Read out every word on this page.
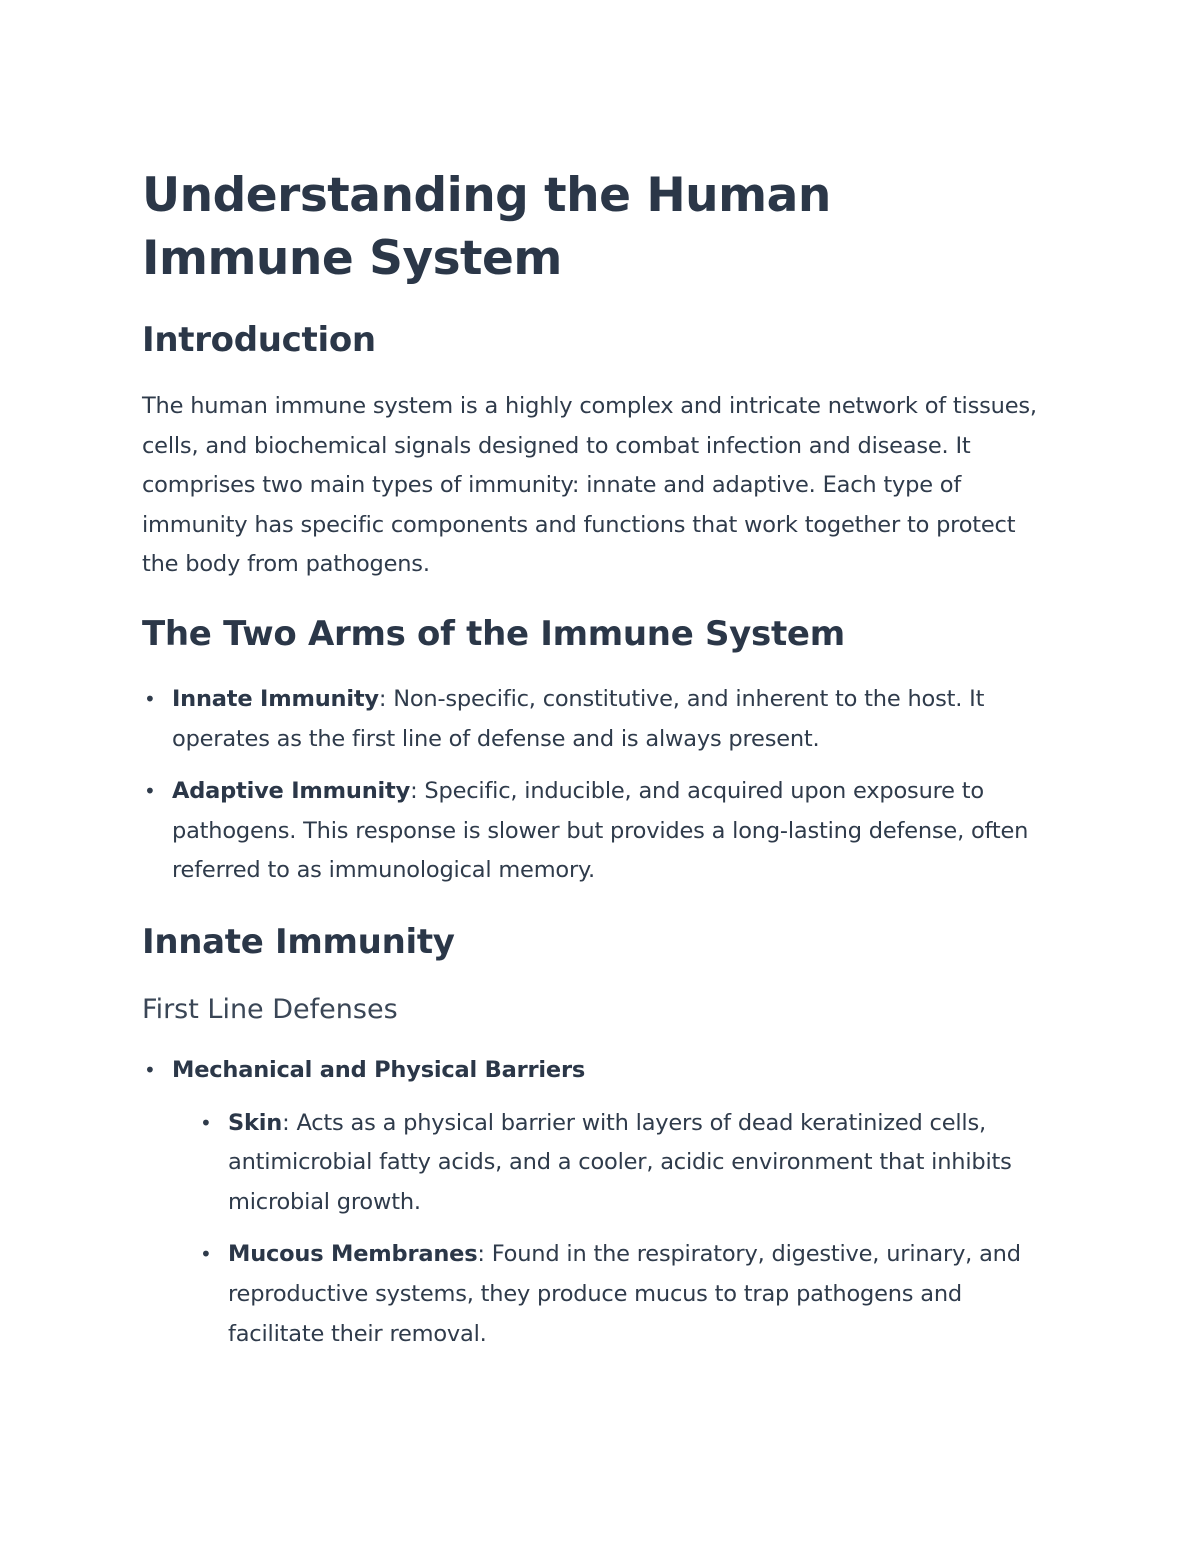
Understanding the Human Immune System
Introduction

The human immune system is a highly complex and intricate network of tissues, cells, and biochemical signals designed to combat infection and disease. It comprises two main types of immunity: innate and adaptive. Each type of immunity has specific components and functions that work together to protect the body from pathogens.

The Two Arms of the Immune System
• Innate Immunity: Non-specific, constitutive, and inherent to the host. It operates as the first line of defense and is always present.
• Adaptive Immunity: Specific, inducible, and acquired upon exposure to pathogens. This response is slower but provides a long-lasting defense, often referred to as immunological memory.
Innate Immunity
First Line Defenses
• Mechanical and Physical Barriers
• Skin: Acts as a physical barrier with layers of dead keratinized cells, antimicrobial fatty acids, and a cooler, acidic environment that inhibits microbial growth.
• Mucous Membranes: Found in the respiratory, digestive, urinary, and reproductive systems, they produce mucus to trap pathogens and facilitate their removal.
